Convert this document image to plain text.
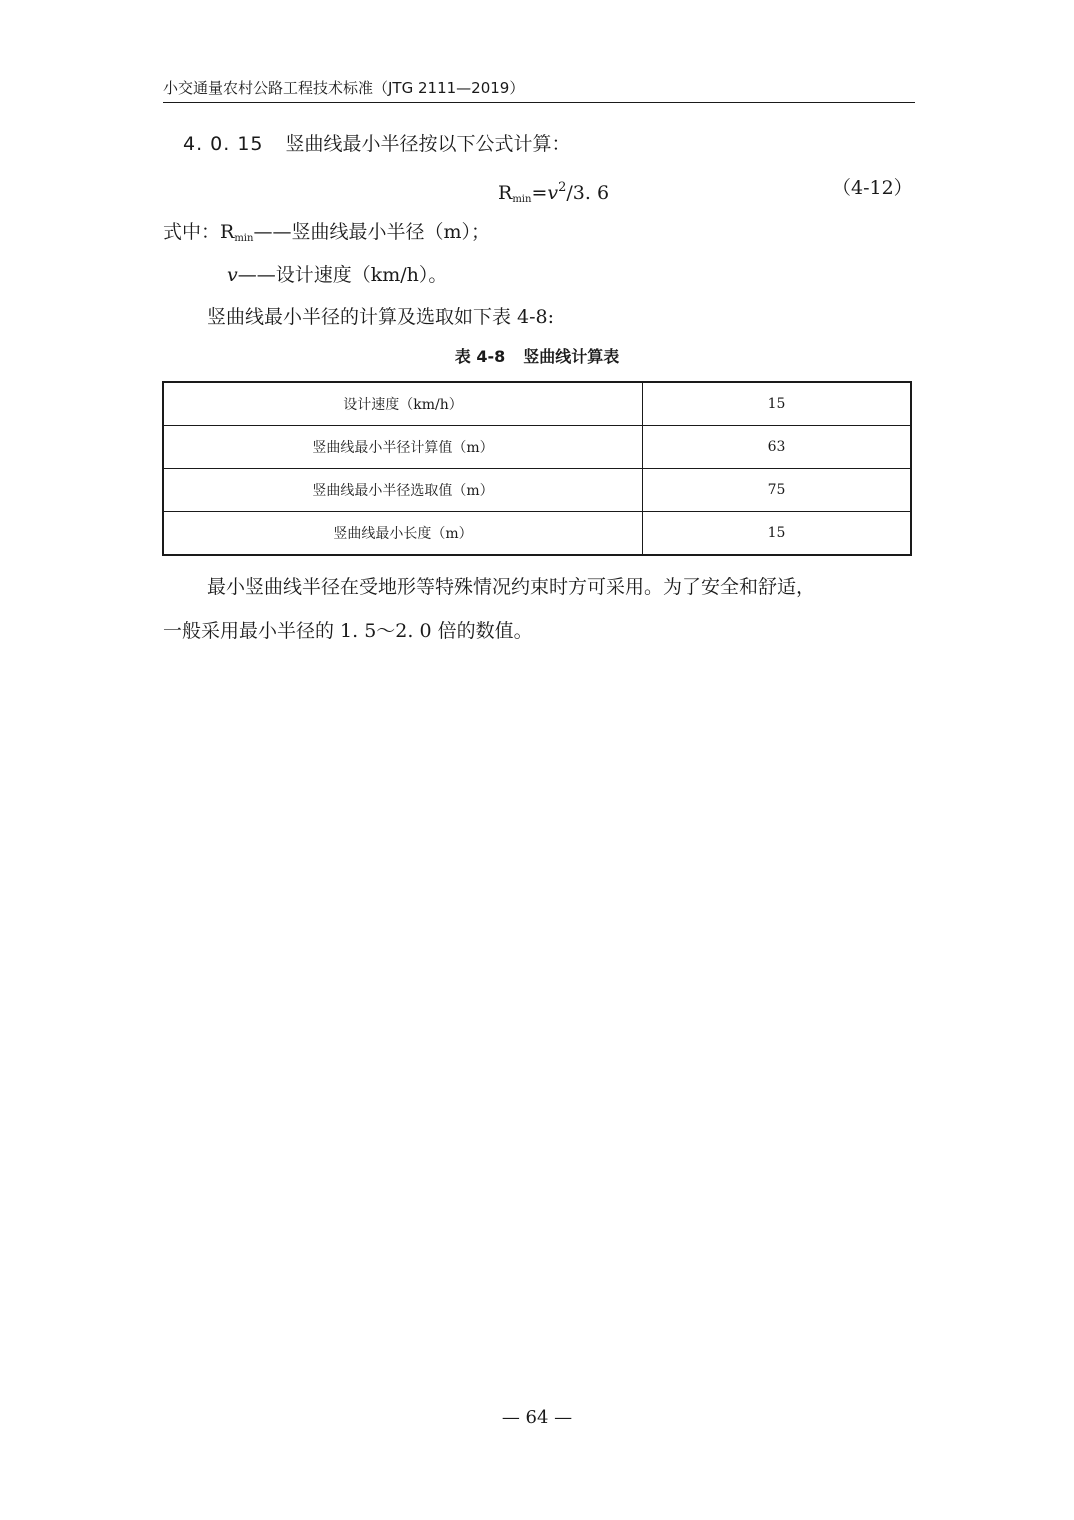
小交通量农村公路工程技术标准（JTG 2111—2019）
4. 0. 15 竖曲线最小半径按以下公式计算：
$R_{min}=v^2/3$. 6	（4-12）
式中：$R_{min}——$竖曲线最小半径（m）；
v——设计速度（km/h）。
竖曲线最小半径的计算及选取如下表 4-8:
表 4-8 竖曲线计算表
设计速度（km/h）	15
竖曲线最小半径计算值（m）	63
竖曲线最小半径选取值（m）	75
竖曲线最小长度（m）	15
最小竖曲线半径在受地形等特殊情况约束时方可采用。为了安全和舒适，
一般采用最小半径的 1. 5～2. 0 倍的数值。
— 64 —
